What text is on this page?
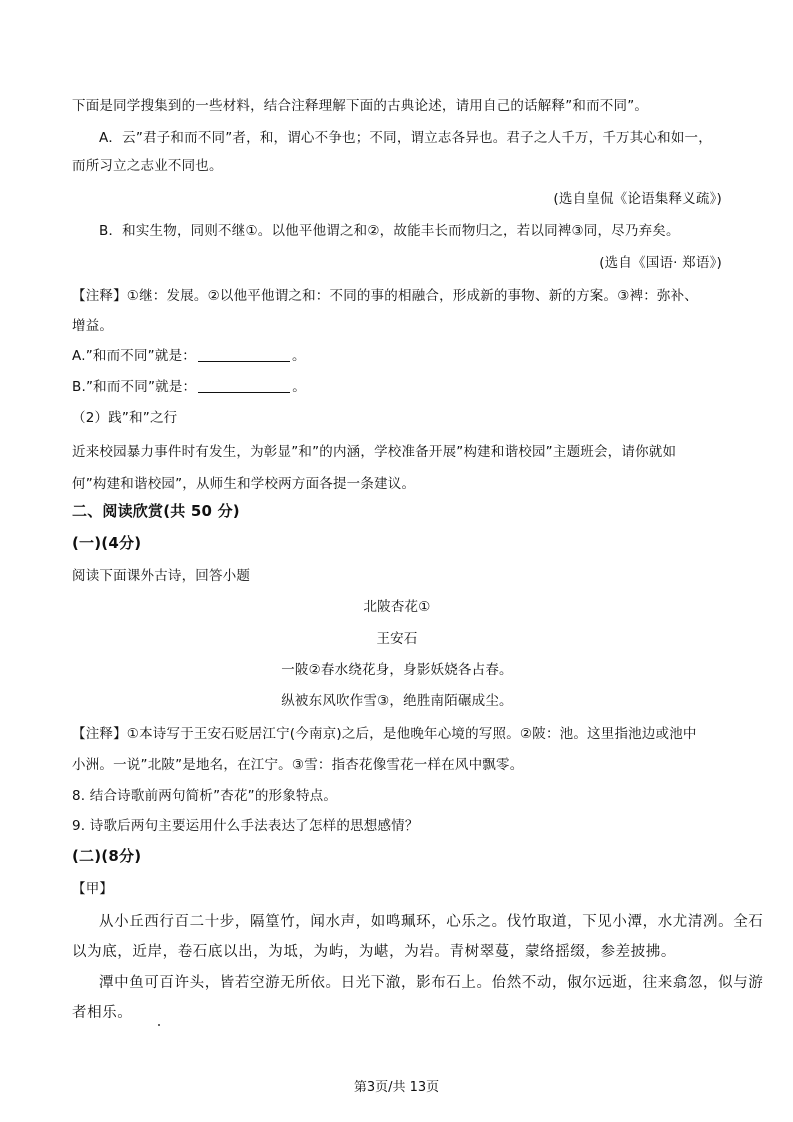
下面是同学搜集到的一些材料，结合注释理解下面的古典论述，请用自己的话解释”和而不同”。
A．云”君子和而不同”者，和，谓心不争也；不同，谓立志各异也。君子之人千万，千万其心和如一，
而所习立之志业不同也。
(选自皇侃《论语集释义疏》)
B．和实生物，同则不继①。以他平他谓之和②，故能丰长而物归之，若以同裨③同，尽乃弃矣。
(选自《国语· 郑语》)
【注释】①继：发展。②以他平他谓之和：不同的事的相融合，形成新的事物、新的方案。③裨：弥补、
增益。
A.”和而不同”就是：	。
B.”和而不同”就是：	。
（2）践”和”之行
近来校园暴力事件时有发生，为彰显”和”的内涵，学校准备开展”构建和谐校园”主题班会，请你就如
何”构建和谐校园”，从师生和学校两方面各提一条建议。
二、阅读欣赏(共 50 分)
(一)(4分)
阅读下面课外古诗，回答小题
北陂杏花①
王安石
一陂②春水绕花身，身影妖娆各占春。
纵被东风吹作雪③，绝胜南陌碾成尘。
【注释】①本诗写于王安石贬居江宁(今南京)之后，是他晚年心境的写照。②陂：池。这里指池边或池中
小洲。一说”北陂”是地名，在江宁。③雪：指杏花像雪花一样在风中飘零。
8. 结合诗歌前两句简析”杏花”的形象特点。
9. 诗歌后两句主要运用什么手法表达了怎样的思想感情？
(二)(8分)
【甲】
从小丘西行百二十步，隔篁竹，闻水声，如鸣珮环，心乐之。伐竹取道，下见小潭，水尤清冽。全石
以为底，近岸，卷石底以出，为坻，为屿，为嵁，为岩。青树翠蔓，蒙络摇缀，参差披拂。
潭中鱼可百许头，皆若空游无所依。日光下澈，影布石上。佁然不动，俶尔远逝，往来翕忽，似与游
者相乐。
第3页/共 13页
